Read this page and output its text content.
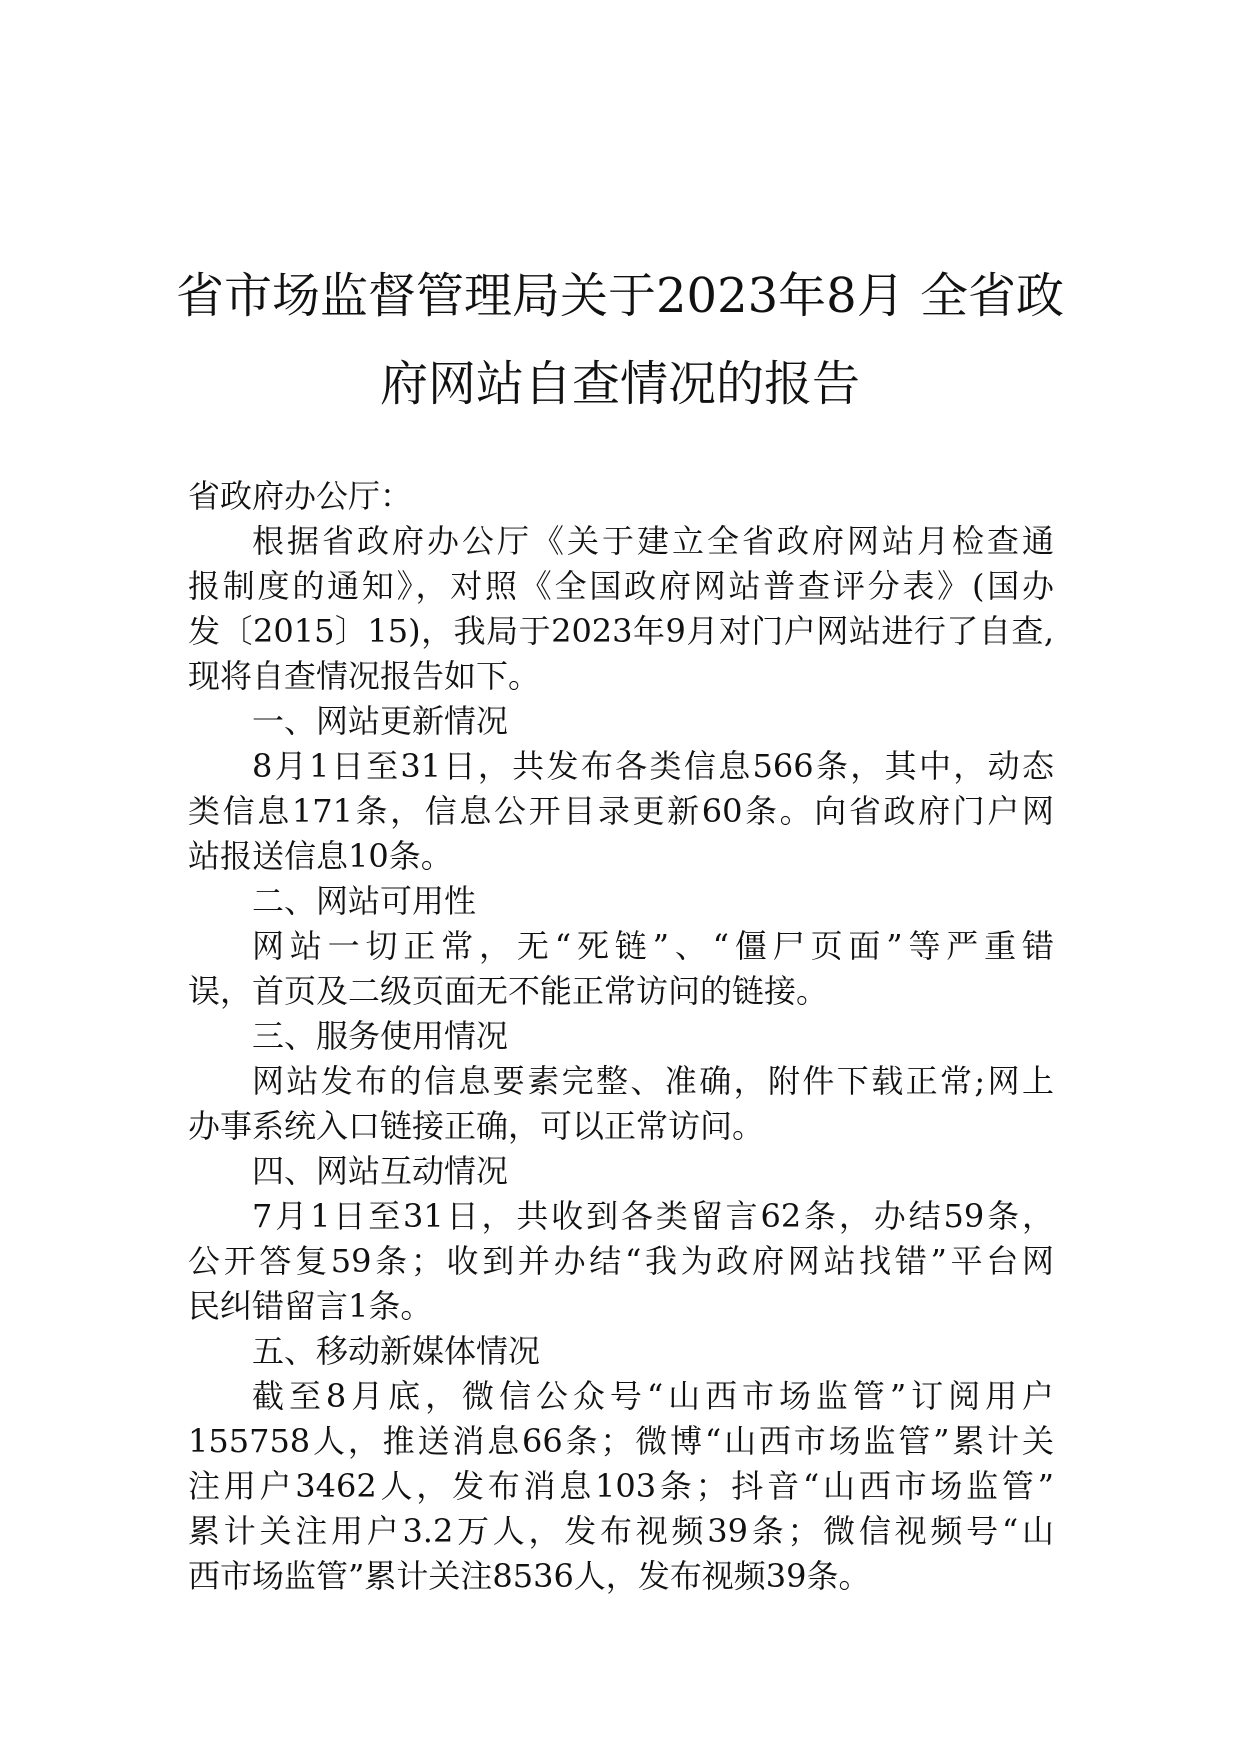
省市场监督管理局关于2023年8月 全省政
府网站自查情况的报告
省政府办公厅：
根据省政府办公厅《关于建立全省政府网站月检查通
报制度的通知》，对照《全国政府网站普查评分表》(国办
发〔2015〕15)，我局于2023年9月对门户网站进行了自查,
现将自查情况报告如下。
一、网站更新情况
8月1日至31日，共发布各类信息566条，其中，动态
类信息171条，信息公开目录更新60条。向省政府门户网
站报送信息10条。
二、网站可用性
网站一切正常，无“死链”、“僵尸页面”等严重错
误，首页及二级页面无不能正常访问的链接。
三、服务使用情况
网站发布的信息要素完整、准确，附件下载正常;网上
办事系统入口链接正确，可以正常访问。
四、网站互动情况
7月1日至31日，共收到各类留言62条，办结59条，
公开答复59条；收到并办结“我为政府网站找错”平台网
民纠错留言1条。
五、移动新媒体情况
截至8月底，微信公众号“山西市场监管”订阅用户
155758人，推送消息66条；微博“山西市场监管”累计关
注用户3462人，发布消息103条；抖音“山西市场监管”
累计关注用户3.2万人，发布视频39条；微信视频号“山
西市场监管”累计关注8536人，发布视频39条。
